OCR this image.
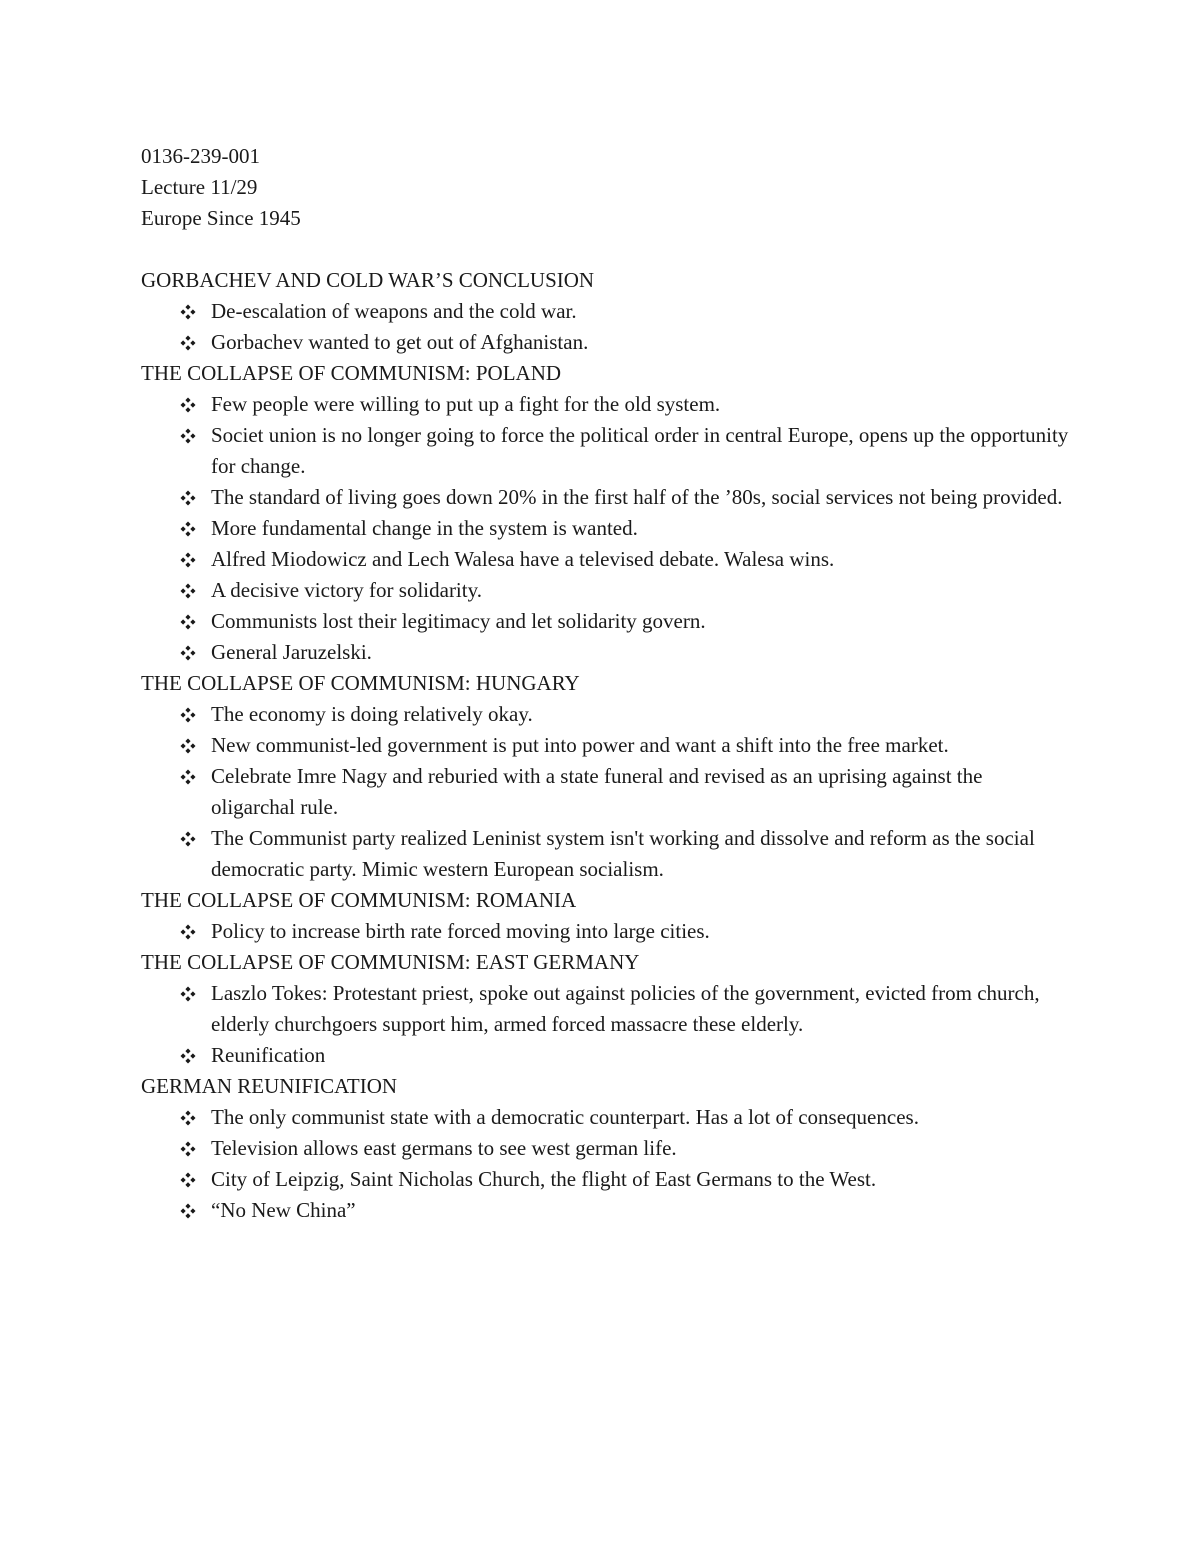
0136-239-001
Lecture 11/29
Europe Since 1945
GORBACHEV AND COLD WAR’S CONCLUSION
De-escalation of weapons and the cold war.
Gorbachev wanted to get out of Afghanistan.
THE COLLAPSE OF COMMUNISM: POLAND
Few people were willing to put up a fight for the old system.
Societ union is no longer going to force the political order in central Europe, opens up the opportunity for change.
The standard of living goes down 20% in the first half of the ’80s, social services not being provided.
More fundamental change in the system is wanted.
Alfred Miodowicz and Lech Walesa have a televised debate. Walesa wins.
A decisive victory for solidarity.
Communists lost their legitimacy and let solidarity govern.
General Jaruzelski.
THE COLLAPSE OF COMMUNISM: HUNGARY
The economy is doing relatively okay.
New communist-led government is put into power and want a shift into the free market.
Celebrate Imre Nagy and reburied with a state funeral and revised as an uprising against the oligarchal rule.
The Communist party realized Leninist system isn't working and dissolve and reform as the social democratic party. Mimic western European socialism.
THE COLLAPSE OF COMMUNISM: ROMANIA
Policy to increase birth rate forced moving into large cities.
THE COLLAPSE OF COMMUNISM: EAST GERMANY
Laszlo Tokes: Protestant priest, spoke out against policies of the government, evicted from church, elderly churchgoers support him, armed forced massacre these elderly.
Reunification
GERMAN REUNIFICATION
The only communist state with a democratic counterpart. Has a lot of consequences.
Television allows east germans to see west german life.
City of Leipzig, Saint Nicholas Church, the flight of East Germans to the West.
“No New China”
